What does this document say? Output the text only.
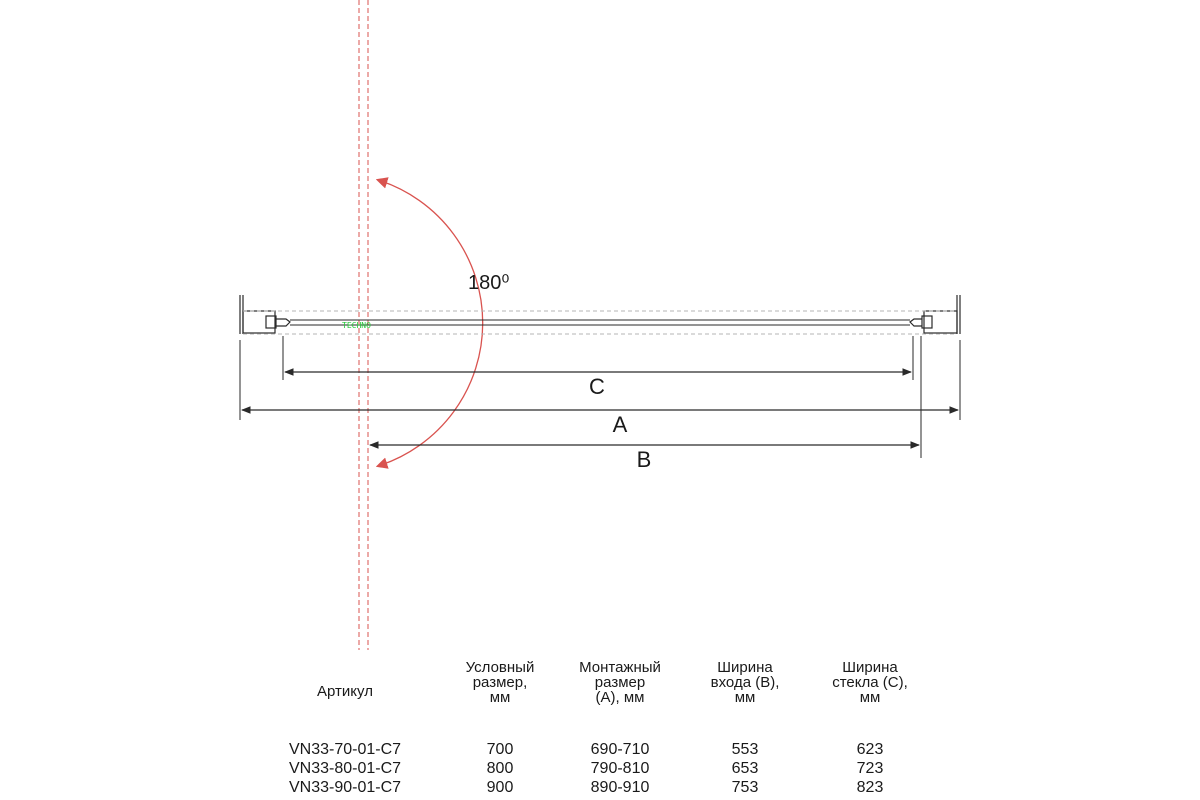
180⁰
TECHNO
C
A
B
Артикул
VN33-70-01-C7
VN33-80-01-C7
VN33-90-01-C7
Условный
размер,
мм
700
800
900
Монтажный
размер
(А), мм
690-710
790-810
890-910
Ширина
входа (В),
мм
553
653
753
Ширина
стекла (С),
мм
623
723
823
